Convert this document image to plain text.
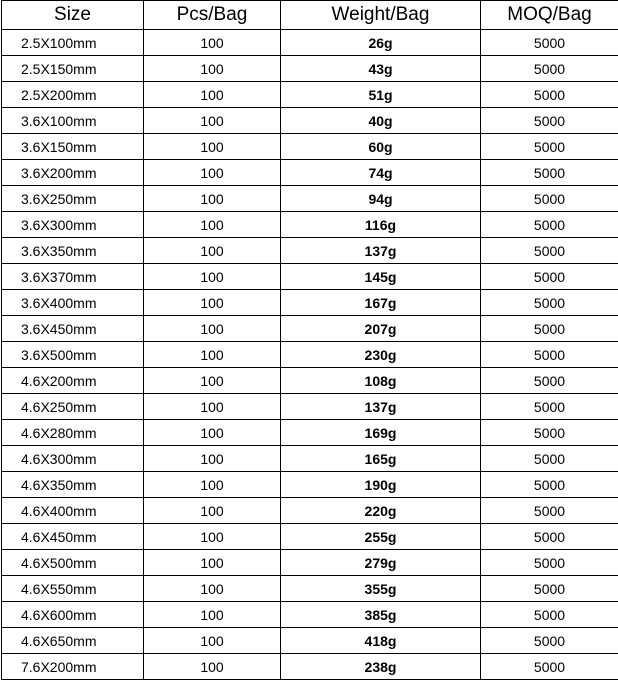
Size	Pcs/Bag	Weight/Bag	MOQ/Bag
2.5X100mm	100	26g	5000
2.5X150mm	100	43g	5000
2.5X200mm	100	51g	5000
3.6X100mm	100	40g	5000
3.6X150mm	100	60g	5000
3.6X200mm	100	74g	5000
3.6X250mm	100	94g	5000
3.6X300mm	100	116g	5000
3.6X350mm	100	137g	5000
3.6X370mm	100	145g	5000
3.6X400mm	100	167g	5000
3.6X450mm	100	207g	5000
3.6X500mm	100	230g	5000
4.6X200mm	100	108g	5000
4.6X250mm	100	137g	5000
4.6X280mm	100	169g	5000
4.6X300mm	100	165g	5000
4.6X350mm	100	190g	5000
4.6X400mm	100	220g	5000
4.6X450mm	100	255g	5000
4.6X500mm	100	279g	5000
4.6X550mm	100	355g	5000
4.6X600mm	100	385g	5000
4.6X650mm	100	418g	5000
7.6X200mm	100	238g	5000
